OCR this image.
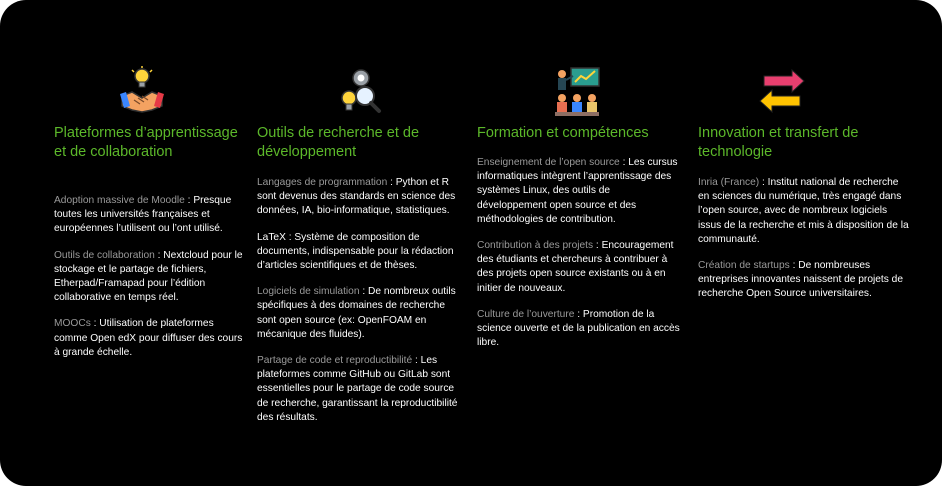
Plateformes d’apprentissage et de collaboration
Adoption massive de Moodle : Presque toutes les universités françaises et européennes l’utilisent ou l’ont utilisé.
Outils de collaboration : Nextcloud pour le stockage et le partage de fichiers, Etherpad/Framapad pour l’édition collaborative en temps réel.
MOOCs : Utilisation de plateformes comme Open edX pour diffuser des cours à grande échelle.
Outils de recherche et de développement
Langages de programmation : Python et R sont devenus des standards en science des données, IA, bio-informatique, statistiques.
LaTeX : Système de composition de documents, indispensable pour la rédaction d’articles scientifiques et de thèses.
Logiciels de simulation : De nombreux outils spécifiques à des domaines de recherche sont open source (ex: OpenFOAM en mécanique des fluides).
Partage de code et reproductibilité : Les plateformes comme GitHub ou GitLab sont essentielles pour le partage de code source de recherche, garantissant la reproductibilité des résultats.
Formation et compétences
Enseignement de l’open source : Les cursus informatiques intègrent l’apprentissage des systèmes Linux, des outils de développement open source et des méthodologies de contribution.
Contribution à des projets : Encouragement des étudiants et chercheurs à contribuer à des projets open source existants ou à en initier de nouveaux.
Culture de l’ouverture : Promotion de la science ouverte et de la publication en accès libre.
Innovation et transfert de technologie
Inria (France) : Institut national de recherche en sciences du numérique, très engagé dans l’open source, avec de nombreux logiciels issus de la recherche et mis à disposition de la communauté.
Création de startups : De nombreuses entreprises innovantes naissent de projets de recherche Open Source universitaires.
